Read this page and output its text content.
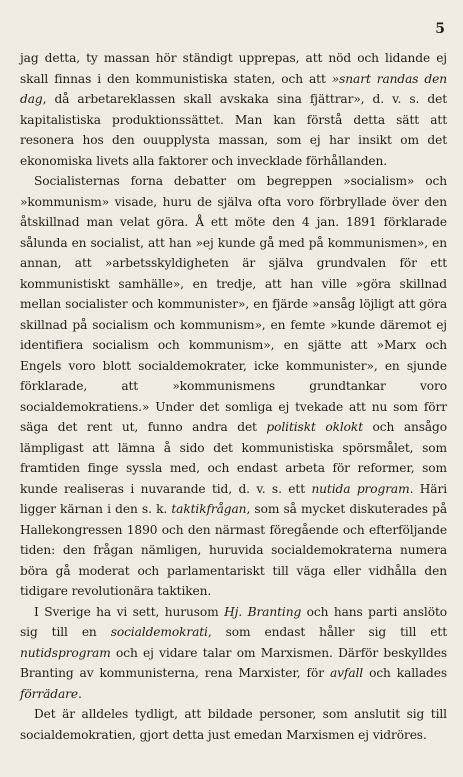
5

jag detta, ty massan hör ständigt upprepas, att nöd och lidande ej skall finnas i den kommunistiska staten, och att »snart randas den dag, då arbetareklassen skall avskaka sina fjättrar», d. v. s. det kapitalistiska produktionssättet. Man kan förstå detta sätt att resonera hos den ouupplysta massan, som ej har insikt om det ekonomiska livets alla faktorer och invecklade förhållanden.

Socialisternas forna debatter om begreppen »socialism» och »kommunism» visade, huru de själva ofta voro förbryllade över den åtskillnad man velat göra. Å ett möte den 4 jan. 1891 förklarade sålunda en socialist, att han »ej kunde gå med på kommunismen», en annan, att »arbetsskyldigheten är själva grundvalen för ett kommunistiskt samhälle», en tredje, att han ville »göra skillnad mellan socialister och kommunister», en fjärde »ansåg löjligt att göra skillnad på socialism och kommunism», en femte »kunde däremot ej identifiera socialism och kommunism», en sjätte att »Marx och Engels voro blott socialdemokrater, icke kommunister», en sjunde förklarade, att »kommunismens grundtankar voro socialdemokratiens.» Under det somliga ej tvekade att nu som förr säga det rent ut, funno andra det politiskt oklokt och ansågo lämpligast att lämna å sido det kommunistiska spörsmålet, som framtiden finge syssla med, och endast arbeta för reformer, som kunde realiseras i nuvarande tid, d. v. s. ett nutida program. Häri ligger kärnan i den s. k. taktikfrågan, som så mycket diskuterades på Hallekongressen 1890 och den närmast föregående och efterföljande tiden: den frågan nämligen, huruvida socialdemokraterna numera böra gå moderat och parlamentariskt till väga eller vidhålla den tidigare revolutionära taktiken.

I Sverige ha vi sett, hurusom Hj. Branting och hans parti anslöto sig till en socialdemokrati, som endast håller sig till ett nutidsprogram och ej vidare talar om Marxismen. Därför beskylldes Branting av kommunisterna, rena Marxister, för avfall och kallades förrädare.

Det är alldeles tydligt, att bildade personer, som anslutit sig till socialdemokratien, gjort detta just emedan Marxismen ej vidröres.
